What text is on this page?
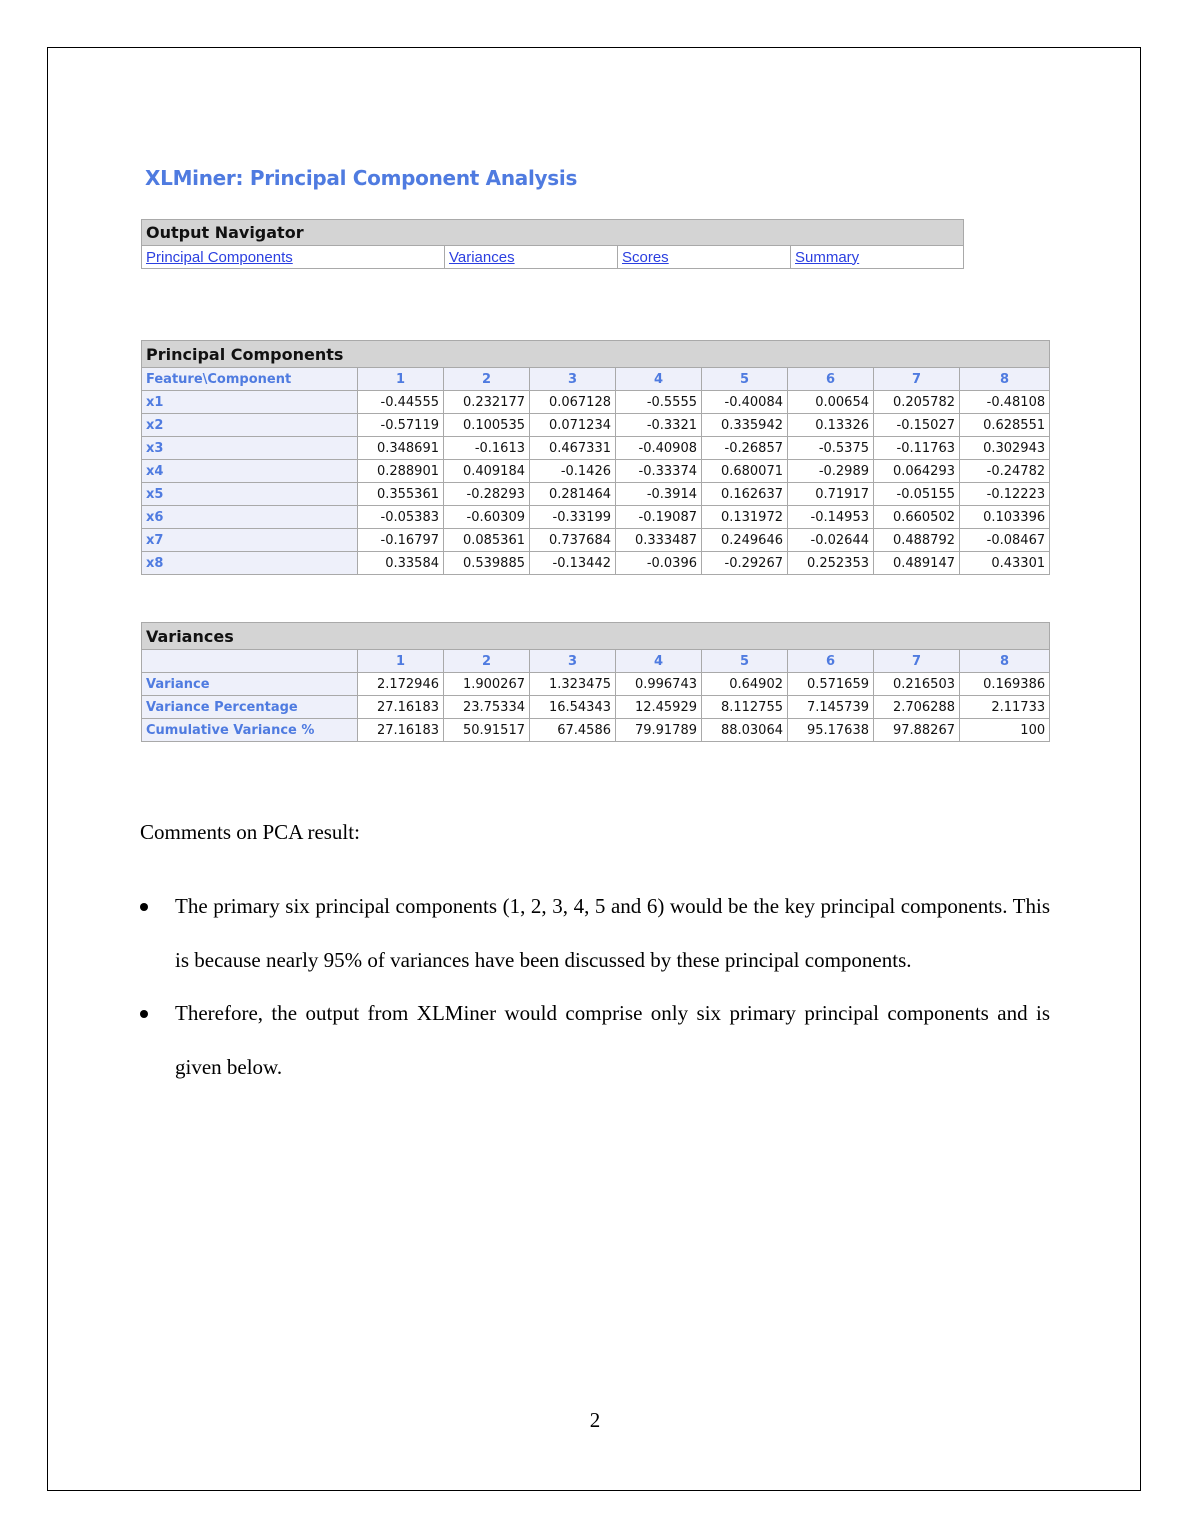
XLMiner: Principal Component Analysis
Output Navigator
Principal Components	Variances	Scores	Summary
Principal Components								
Feature\Component	1	2	3	4	5	6	7	8
x1	-0.44555	0.232177	0.067128	-0.5555	-0.40084	0.00654	0.205782	-0.48108
x2	-0.57119	0.100535	0.071234	-0.3321	0.335942	0.13326	-0.15027	0.628551
x3	0.348691	-0.1613	0.467331	-0.40908	-0.26857	-0.5375	-0.11763	0.302943
x4	0.288901	0.409184	-0.1426	-0.33374	0.680071	-0.2989	0.064293	-0.24782
x5	0.355361	-0.28293	0.281464	-0.3914	0.162637	0.71917	-0.05155	-0.12223
x6	-0.05383	-0.60309	-0.33199	-0.19087	0.131972	-0.14953	0.660502	0.103396
x7	-0.16797	0.085361	0.737684	0.333487	0.249646	-0.02644	0.488792	-0.08467
x8	0.33584	0.539885	-0.13442	-0.0396	-0.29267	0.252353	0.489147	0.43301
Variances								
	1	2	3	4	5	6	7	8
Variance	2.172946	1.900267	1.323475	0.996743	0.64902	0.571659	0.216503	0.169386
Variance Percentage	27.16183	23.75334	16.54343	12.45929	8.112755	7.145739	2.706288	2.11733
Cumulative Variance %	27.16183	50.91517	67.4586	79.91789	88.03064	95.17638	97.88267	100
Comments on PCA result:
The primary six principal components (1, 2, 3, 4, 5 and 6) would be the key principal components. This is because nearly 95% of variances have been discussed by these principal components.
Therefore, the output from XLMiner would comprise only six primary principal components and is given below.
2
